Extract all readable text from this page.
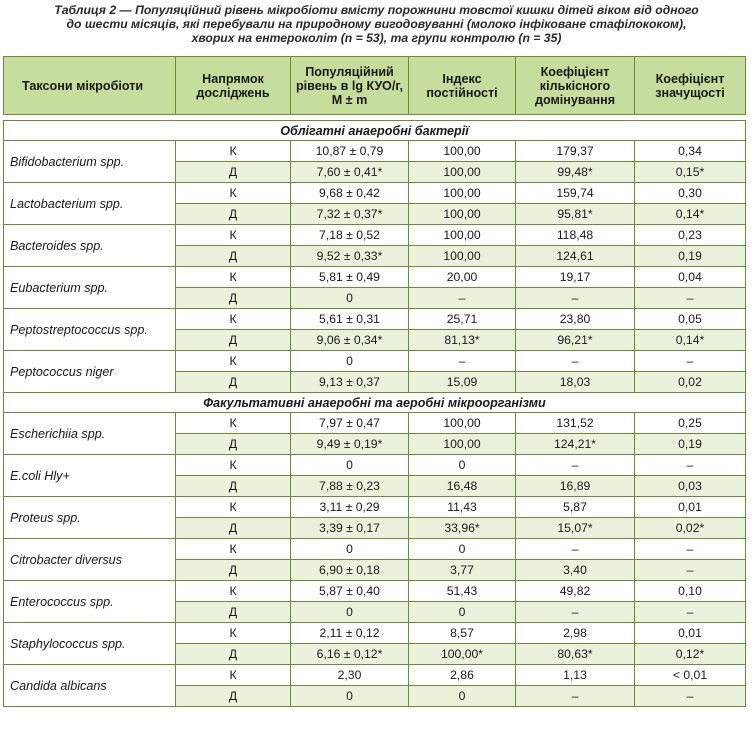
Таблиця 2 — Популяційний рівень мікробіоти вмісту порожнини товстої кишки дітей віком від одного
до шести місяців, які перебували на природному вигодовуванні (молоко інфіковане стафілококом),
хворих на ентероколіт (n = 53), та групи контролю (n = 35)
Таксони мікробіоти	Напрямок досліджень	Популяційний рівень в lg КУО/г, M ± m	Індекс постійності	Коефіцієнт кількісного домінування	Коефіцієнт значущості

Облігатні анаеробні бактерії					
Bifidobacterium spp.	К	10,87 ± 0,79	100,00	179,37	0,34
	Д	7,60 ± 0,41*	100,00	99,48*	0,15*
Lactobacterium spp.	К	9,68 ± 0,42	100,00	159,74	0,30
	Д	7,32 ± 0,37*	100,00	95,81*	0,14*
Bacteroides spp.	К	7,18 ± 0,52	100,00	118,48	0,23
	Д	9,52 ± 0,33*	100,00	124,61	0,19
Eubacterium spp.	К	5,81 ± 0,49	20,00	19,17	0,04
	Д	0	–	–	–
Peptostreptococcus spp.	К	5,61 ± 0,31	25,71	23,80	0,05
	Д	9,06 ± 0,34*	81,13*	96,21*	0,14*
Peptococcus niger	К	0	–	–	–
	Д	9,13 ± 0,37	15,09	18,03	0,02
Факультативні анаеробні та аеробні мікроорганізми					
Escherichiia spp.	К	7,97 ± 0,47	100,00	131,52	0,25
	Д	9,49 ± 0,19*	100,00	124,21*	0,19
E.coli Hly+	К	0	0	–	–
	Д	7,88 ± 0,23	16,48	16,89	0,03
Proteus spp.	К	3,11 ± 0,29	11,43	5,87	0,01
	Д	3,39 ± 0,17	33,96*	15,07*	0,02*
Citrobacter diversus	К	0	0	–	–
	Д	6,90 ± 0,18	3,77	3,40	–
Enterococcus spp.	К	5,87 ± 0,40	51,43	49,82	0,10
	Д	0	0	–	–
Staphylococcus spp.	К	2,11 ± 0,12	8,57	2,98	0,01
	Д	6,16 ± 0,12*	100,00*	80,63*	0,12*
Candida albicans	К	2,30	2,86	1,13	< 0,01
	Д	0	0	–	–
